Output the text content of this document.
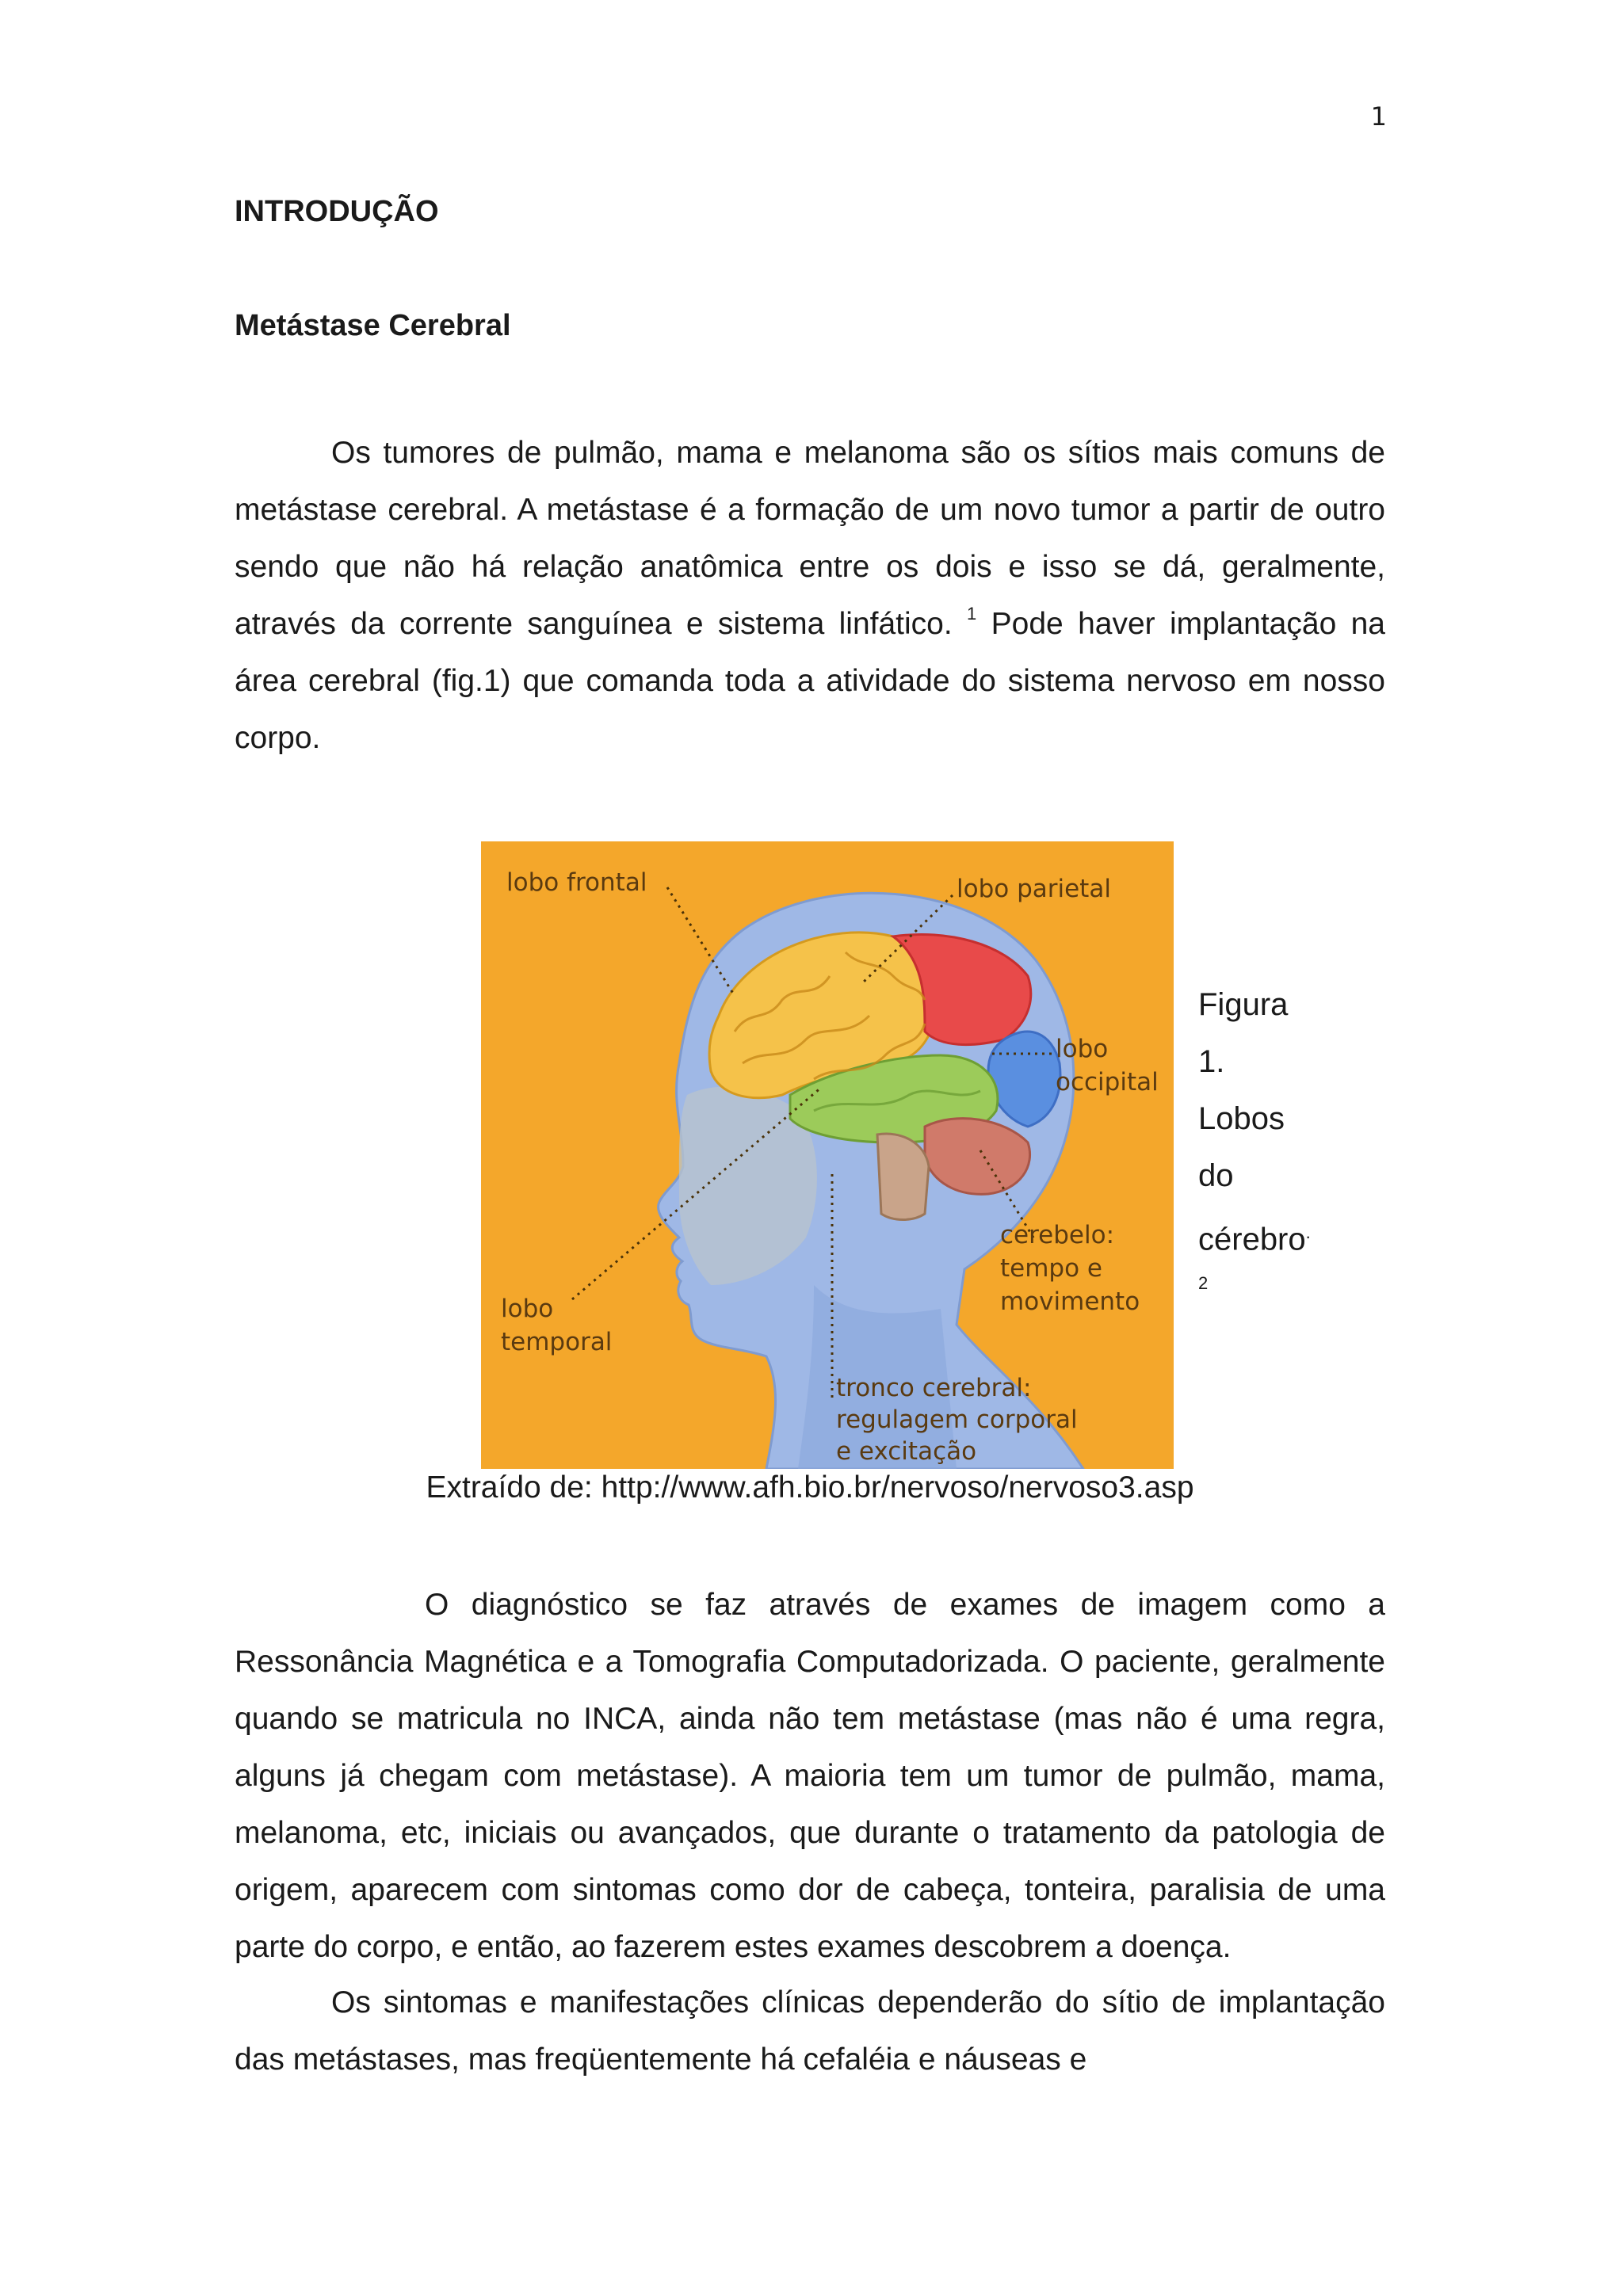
1
INTRODUÇÃO
Metástase Cerebral

Os tumores de pulmão, mama e melanoma são os sítios mais comuns de metástase cerebral. A metástase é a formação de um novo tumor a partir de outro sendo que não há relação anatômica entre os dois e isso se dá, geralmente, através da corrente sanguínea e sistema linfático. $^1$ Pode haver implantação na área cerebral (fig.1) que comanda toda a atividade do sistema nervoso em nosso corpo.

lobo frontal	lobo parietal
lobo
occipital
cerebelo:
tempo e
movimento
lobo
temporal
tronco cerebral:
regulagem corporal
e excitação
Figura
1.
Lobos
do
cérebro.
2

Extraído de: http://www.afh.bio.br/nervoso/nervoso3.asp

O diagnóstico se faz através de exames de imagem como a Ressonância Magnética e a Tomografia Computadorizada. O paciente, geralmente quando se matricula no INCA, ainda não tem metástase (mas não é uma regra, alguns já chegam com metástase). A maioria tem um tumor de pulmão, mama, melanoma, etc, iniciais ou avançados, que durante o tratamento da patologia de origem, aparecem com sintomas como dor de cabeça, tonteira, paralisia de uma parte do corpo, e então, ao fazerem estes exames descobrem a doença.

Os sintomas e manifestações clínicas dependerão do sítio de implantação das metástases, mas freqüentemente há cefaléia e náuseas e
